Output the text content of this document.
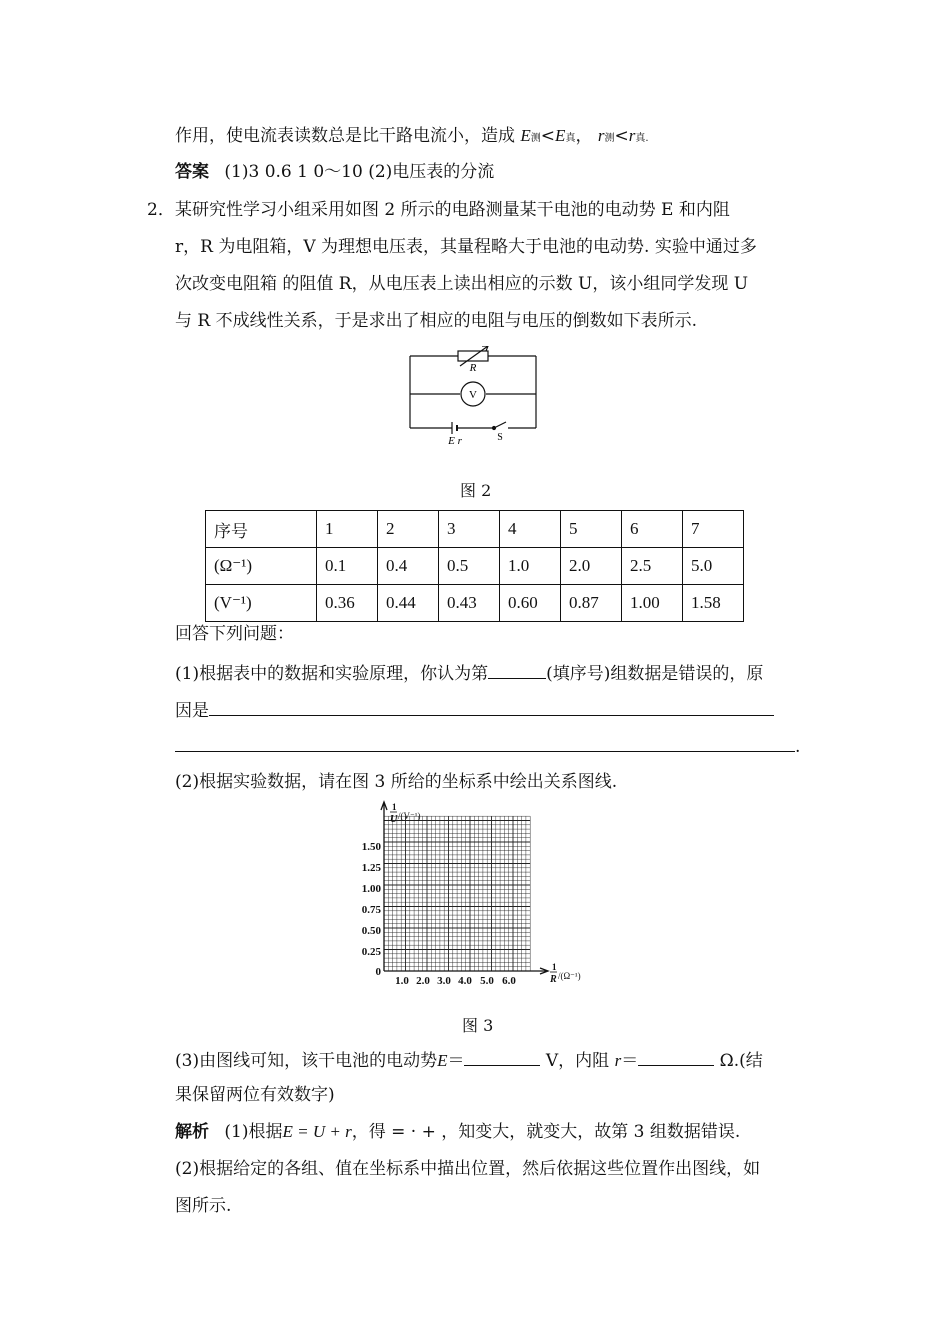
作用，使电流表读数总是比干路电流小，造成 E测<E真， r测<r真.
答案 (1)3 0.6 1 0～10 (2)电压表的分流
2． 某研究性学习小组采用如图 2 所示的电路测量某干电池的电动势 E 和内阻
r，R 为电阻箱，V 为理想电压表，其量程略大于电池的电动势. 实验中通过多
次改变电阻箱 的阻值 R，从电压表上读出相应的示数 U，该小组同学发现 U
与 R 不成线性关系，于是求出了相应的电阻与电压的倒数如下表所示.
R
V
E r	S
图 2
序号	1	2	3	4	5	6	7
(Ω⁻¹)	0.1	0.4	0.5	1.0	2.0	2.5	5.0
(V⁻¹)	0.36	0.44	0.43	0.60	0.87	1.00	1.58
回答下列问题：
(1)根据表中的数据和实验原理，你认为第	(填序号)组数据是错误的，原
因是
.
(2)根据实验数据，请在图 3 所给的坐标系中绘出关系图线.
1
U /(V⁻¹)
1
R /(Ω⁻¹)
1.50
1.25
1.00
0.75
0.50
0.25
0
1.0 2.0 3.0 4.0 5.0 6.0
图 3
(3)由图线可知，该干电池的电动势E＝	V，内阻 r＝	Ω.(结
果保留两位有效数字)
解析 (1)根据E = U + r，得 = · + ，知变大，就变大，故第 3 组数据错误.
(2)根据给定的各组、值在坐标系中描出位置，然后依据这些位置作出图线，如
图所示.
